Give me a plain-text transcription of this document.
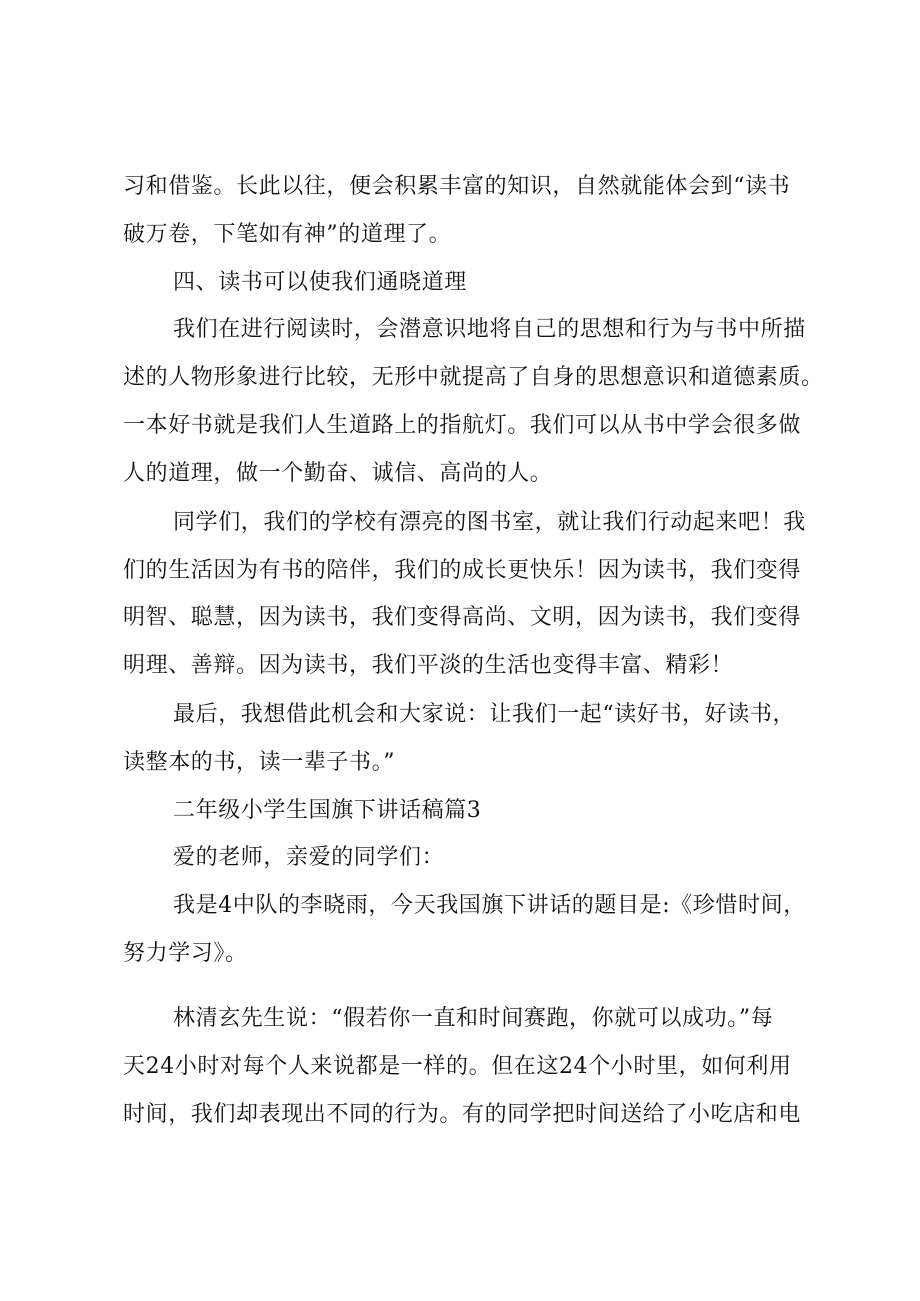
习和借鉴。长此以往，便会积累丰富的知识，自然就能体会到“读书
破万卷，下笔如有神”的道理了。
四、读书可以使我们通晓道理
我们在进行阅读时，会潜意识地将自己的思想和行为与书中所描
述的人物形象进行比较，无形中就提高了自身的思想意识和道德素质。
一本好书就是我们人生道路上的指航灯。我们可以从书中学会很多做
人的道理，做一个勤奋、诚信、高尚的人。
同学们，我们的学校有漂亮的图书室，就让我们行动起来吧！我
们的生活因为有书的陪伴，我们的成长更快乐！因为读书，我们变得
明智、聪慧，因为读书，我们变得高尚、文明，因为读书，我们变得
明理、善辩。因为读书，我们平淡的生活也变得丰富、精彩！
最后，我想借此机会和大家说：让我们一起“读好书，好读书，
读整本的书，读一辈子书。”
二年级小学生国旗下讲话稿篇3
爱的老师，亲爱的同学们：
我是4中队的李晓雨，今天我国旗下讲话的题目是:《珍惜时间，
努力学习》。
林清玄先生说：“假若你一直和时间赛跑，你就可以成功。”每
天24小时对每个人来说都是一样的。但在这24个小时里，如何利用
时间，我们却表现出不同的行为。有的同学把时间送给了小吃店和电
